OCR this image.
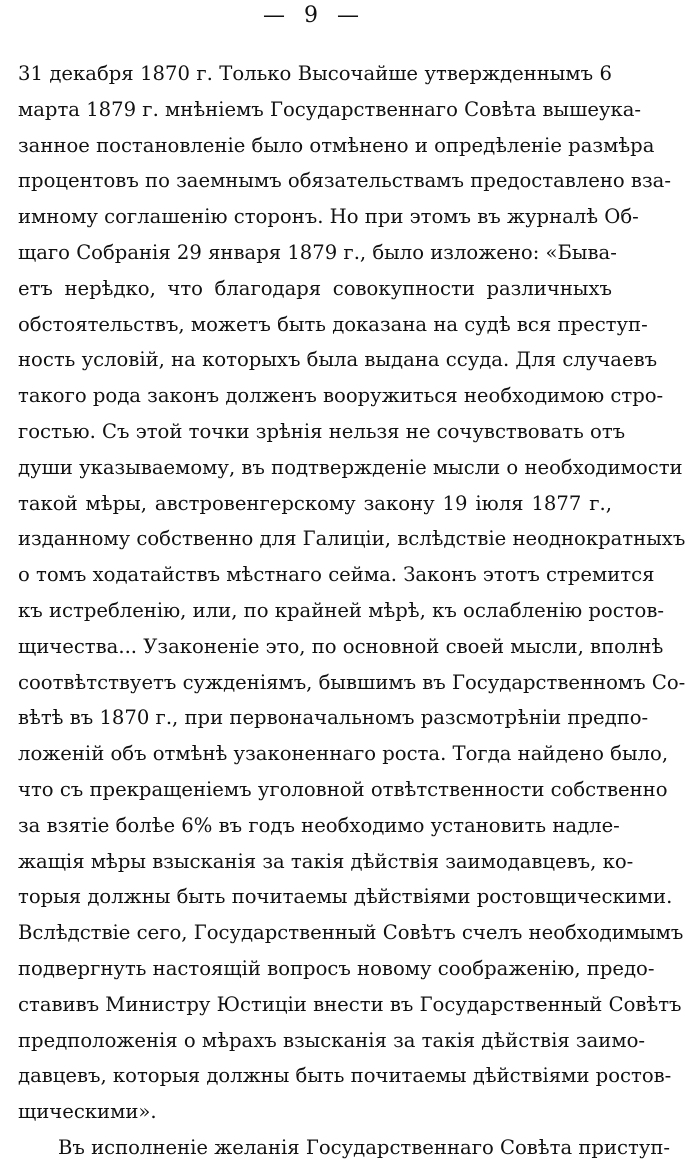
— 9 —
31 декабря 1870 г. Только Высочайше утвержденнымъ 6
марта 1879 г. мнѣніемъ Государственнаго Совѣта вышеука-
занное постановленіе было отмѣнено и опредѣленіе размѣра
процентовъ по заемнымъ обязательствамъ предоставлено вза-
имному соглашенію сторонъ. Но при этомъ въ журналѣ Об-
щаго Собранія 29 января 1879 г., было изложено: «Быва-
етъ нерѣдко, что благодаря совокупности различныхъ
обстоятельствъ, можетъ быть доказана на судѣ вся преступ-
ность условій, на которыхъ была выдана ссуда. Для случаевъ
такого рода законъ долженъ вооружиться необходимою стро-
гостью. Съ этой точки зрѣнія нельзя не сочувствовать отъ
души указываемому, въ подтвержденіе мысли о необходимости
такой мѣры, австровенгерскому закону 19 іюля 1877 г.,
изданному собственно для Галиціи, вслѣдствіе неоднократныхъ
о томъ ходатайствъ мѣстнаго сейма. Законъ этотъ стремится
къ истребленію, или, по крайней мѣрѣ, къ ослабленію ростов-
щичества... Узаконеніе это, по основной своей мысли, вполнѣ
соотвѣтствуетъ сужденіямъ, бывшимъ въ Государственномъ Со-
вѣтѣ въ 1870 г., при первоначальномъ разсмотрѣніи предпо-
ложеній объ отмѣнѣ узаконеннаго роста. Тогда найдено было,
что съ прекращеніемъ уголовной отвѣтственности собственно
за взятіе болѣе 6% въ годъ необходимо установить надле-
жащія мѣры взысканія за такія дѣйствія заимодавцевъ, ко-
торыя должны быть почитаемы дѣйствіями ростовщическими.
Вслѣдствіе сего, Государственный Совѣтъ счелъ необходимымъ
подвергнуть настоящій вопросъ новому соображенію, предо-
ставивъ Министру Юстиціи внести въ Государственный Совѣтъ
предположенія о мѣрахъ взысканія за такія дѣйствія заимо-
давцевъ, которыя должны быть почитаемы дѣйствіями ростов-
щическими».
Въ исполненіе желанія Государственнаго Совѣта приступ-
